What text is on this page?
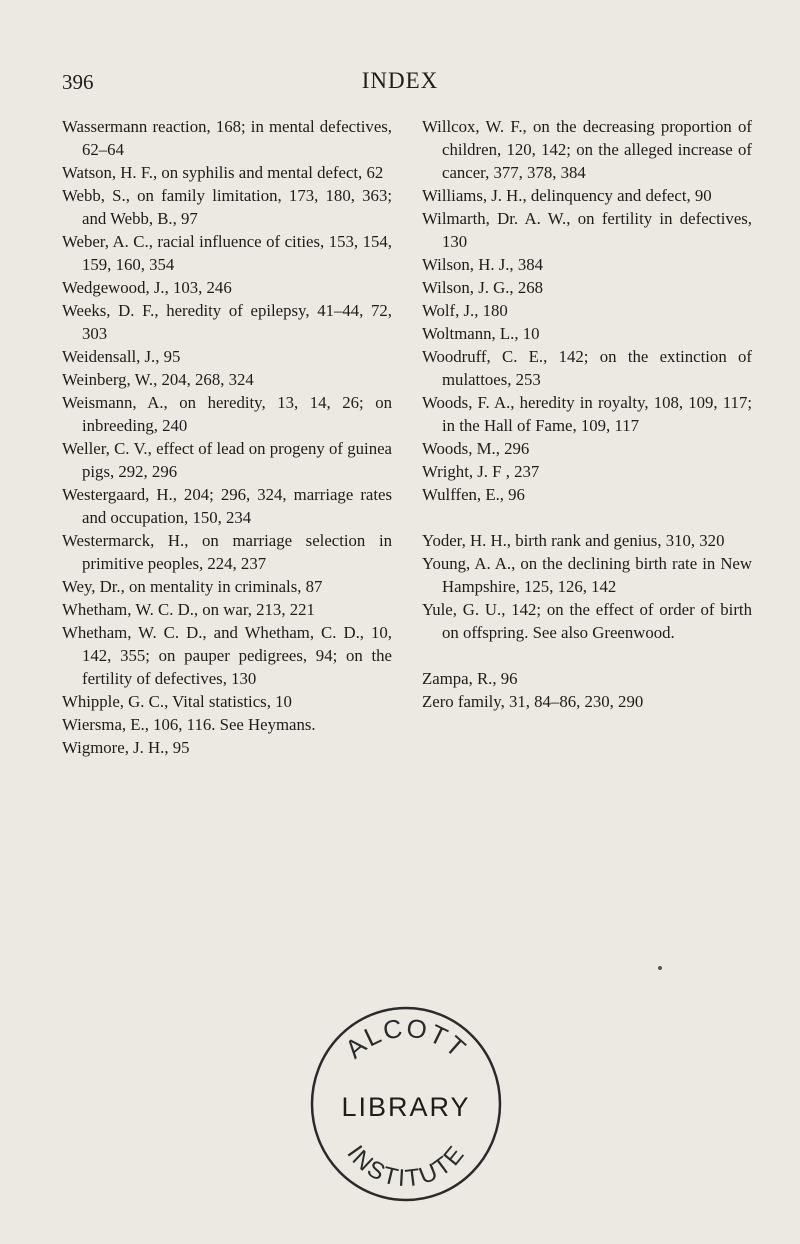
396	INDEX
Wassermann reaction, 168; in mental defectives, 62–64
Watson, H. F., on syphilis and mental defect, 62
Webb, S., on family limitation, 173, 180, 363; and Webb, B., 97
Weber, A. C., racial influence of cities, 153, 154, 159, 160, 354
Wedgewood, J., 103, 246
Weeks, D. F., heredity of epilepsy, 41–44, 72, 303
Weidensall, J., 95
Weinberg, W., 204, 268, 324
Weismann, A., on heredity, 13, 14, 26; on inbreeding, 240
Weller, C. V., effect of lead on progeny of guinea pigs, 292, 296
Westergaard, H., 204; 296, 324, marriage rates and occupation, 150, 234
Westermarck, H., on marriage selection in primitive peoples, 224, 237
Wey, Dr., on mentality in criminals, 87
Whetham, W. C. D., on war, 213, 221
Whetham, W. C. D., and Whetham, C. D., 10, 142, 355; on pauper pedigrees, 94; on the fertility of defectives, 130
Whipple, G. C., Vital statistics, 10
Wiersma, E., 106, 116. See Heymans.
Wigmore, J. H., 95
Willcox, W. F., on the decreasing proportion of children, 120, 142; on the alleged increase of cancer, 377, 378, 384
Williams, J. H., delinquency and defect, 90
Wilmarth, Dr. A. W., on fertility in defectives, 130
Wilson, H. J., 384
Wilson, J. G., 268
Wolf, J., 180
Woltmann, L., 10
Woodruff, C. E., 142; on the extinction of mulattoes, 253
Woods, F. A., heredity in royalty, 108, 109, 117; in the Hall of Fame, 109, 117
Woods, M., 296
Wright, J. F , 237
Wulffen, E., 96
Yoder, H. H., birth rank and genius, 310, 320
Young, A. A., on the declining birth rate in New Hampshire, 125, 126, 142
Yule, G. U., 142; on the effect of order of birth on offspring. See also Greenwood.
Zampa, R., 96
Zero family, 31, 84–86, 230, 290
ALCOTT
LIBRARY
INSTITUTE
